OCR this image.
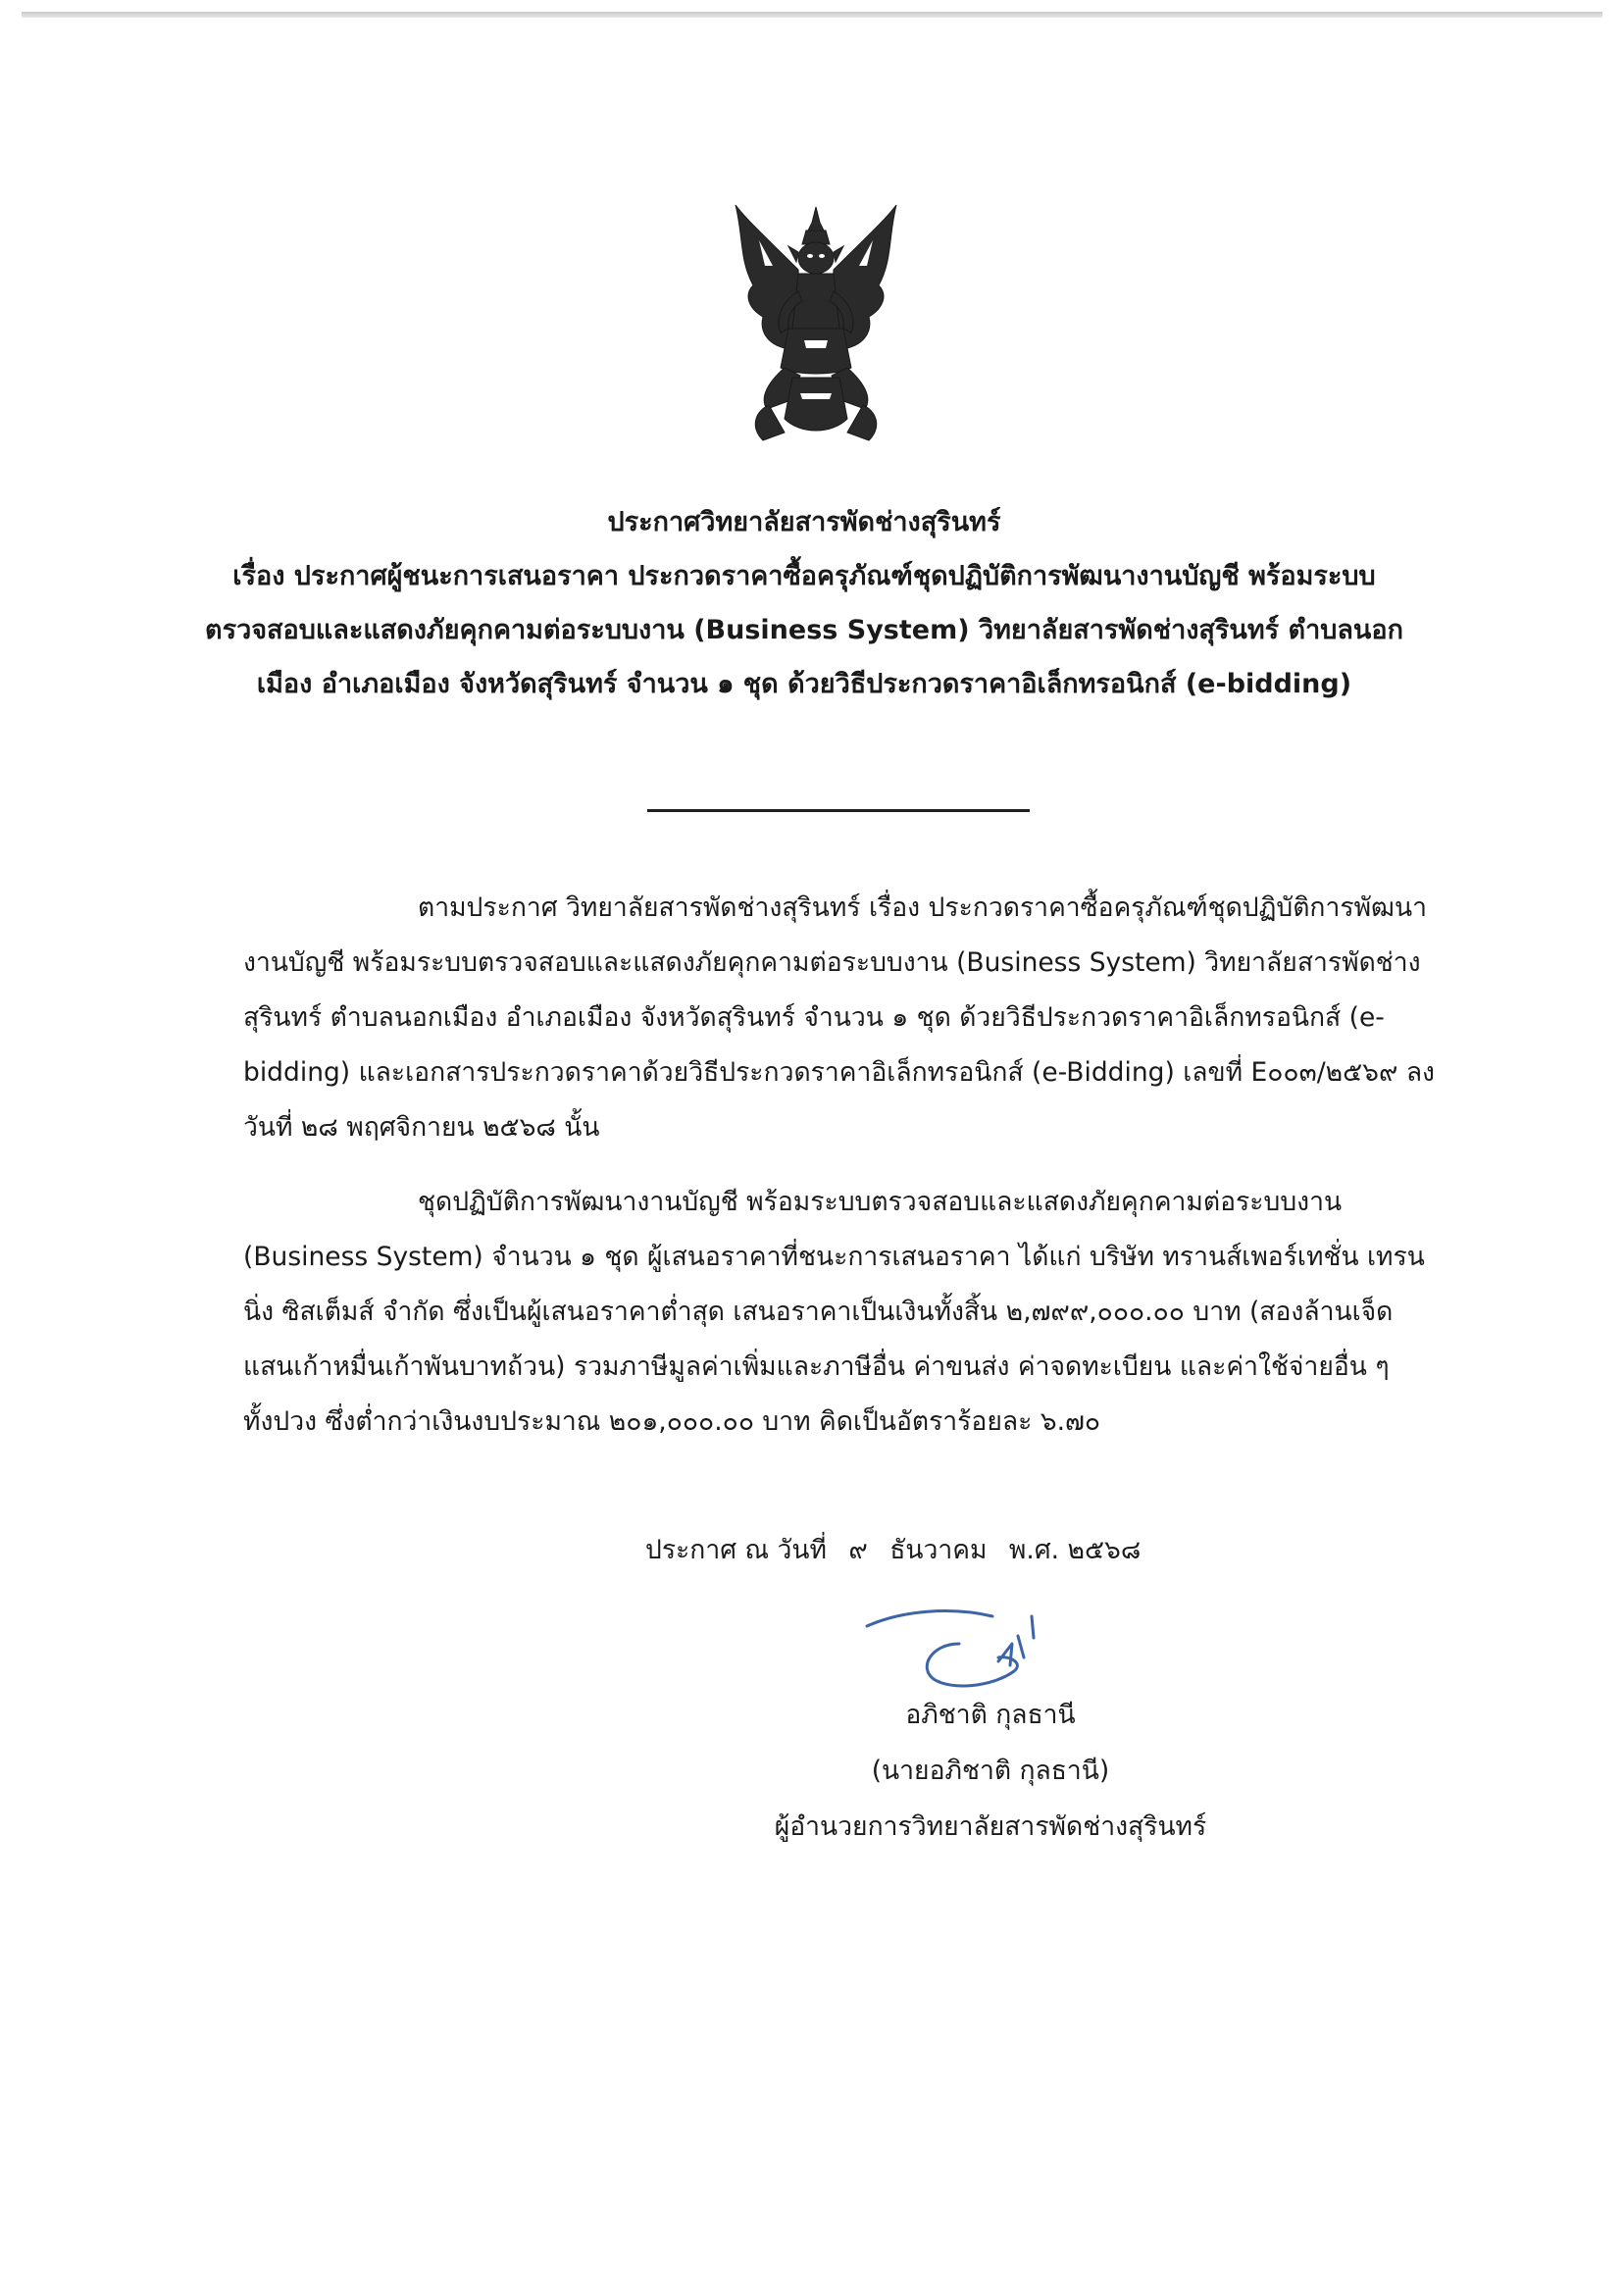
ประกาศวิทยาลัยสารพัดช่างสุรินทร์
เรื่อง ประกาศผู้ชนะการเสนอราคา ประกวดราคาซื้อครุภัณฑ์ชุดปฏิบัติการพัฒนางานบัญชี พร้อมระบบ
ตรวจสอบและแสดงภัยคุกคามต่อระบบงาน (Business System) วิทยาลัยสารพัดช่างสุรินทร์ ตำบลนอก
เมือง อำเภอเมือง จังหวัดสุรินทร์ จำนวน ๑ ชุด ด้วยวิธีประกวดราคาอิเล็กทรอนิกส์ (e-bidding)
ตามประกาศ วิทยาลัยสารพัดช่างสุรินทร์ เรื่อง ประกวดราคาซื้อครุภัณฑ์ชุดปฏิบัติการพัฒนา
งานบัญชี พร้อมระบบตรวจสอบและแสดงภัยคุกคามต่อระบบงาน (Business System) วิทยาลัยสารพัดช่าง
สุรินทร์ ตำบลนอกเมือง อำเภอเมือง จังหวัดสุรินทร์ จำนวน ๑ ชุด ด้วยวิธีประกวดราคาอิเล็กทรอนิกส์ (e-
bidding) และเอกสารประกวดราคาด้วยวิธีประกวดราคาอิเล็กทรอนิกส์ (e-Bidding) เลขที่ E๐๐๓/๒๕๖๙ ลง
วันที่ ๒๘ พฤศจิกายน ๒๕๖๘ นั้น
ชุดปฏิบัติการพัฒนางานบัญชี พร้อมระบบตรวจสอบและแสดงภัยคุกคามต่อระบบงาน
(Business System) จำนวน ๑ ชุด ผู้เสนอราคาที่ชนะการเสนอราคา ได้แก่ บริษัท ทรานส์เพอร์เทชั่น เทรน
นิ่ง ซิสเต็มส์ จำกัด ซึ่งเป็นผู้เสนอราคาต่ำสุด เสนอราคาเป็นเงินทั้งสิ้น ๒,๗๙๙,๐๐๐.๐๐ บาท (สองล้านเจ็ด
แสนเก้าหมื่นเก้าพันบาทถ้วน) รวมภาษีมูลค่าเพิ่มและภาษีอื่น ค่าขนส่ง ค่าจดทะเบียน และค่าใช้จ่ายอื่น ๆ
ทั้งปวง ซึ่งต่ำกว่าเงินงบประมาณ ๒๐๑,๐๐๐.๐๐ บาท คิดเป็นอัตราร้อยละ ๖.๗๐
ประกาศ ณ วันที่ ๙ ธันวาคม พ.ศ. ๒๕๖๘
อภิชาติ กุลธานี
(นายอภิชาติ กุลธานี)
ผู้อำนวยการวิทยาลัยสารพัดช่างสุรินทร์
